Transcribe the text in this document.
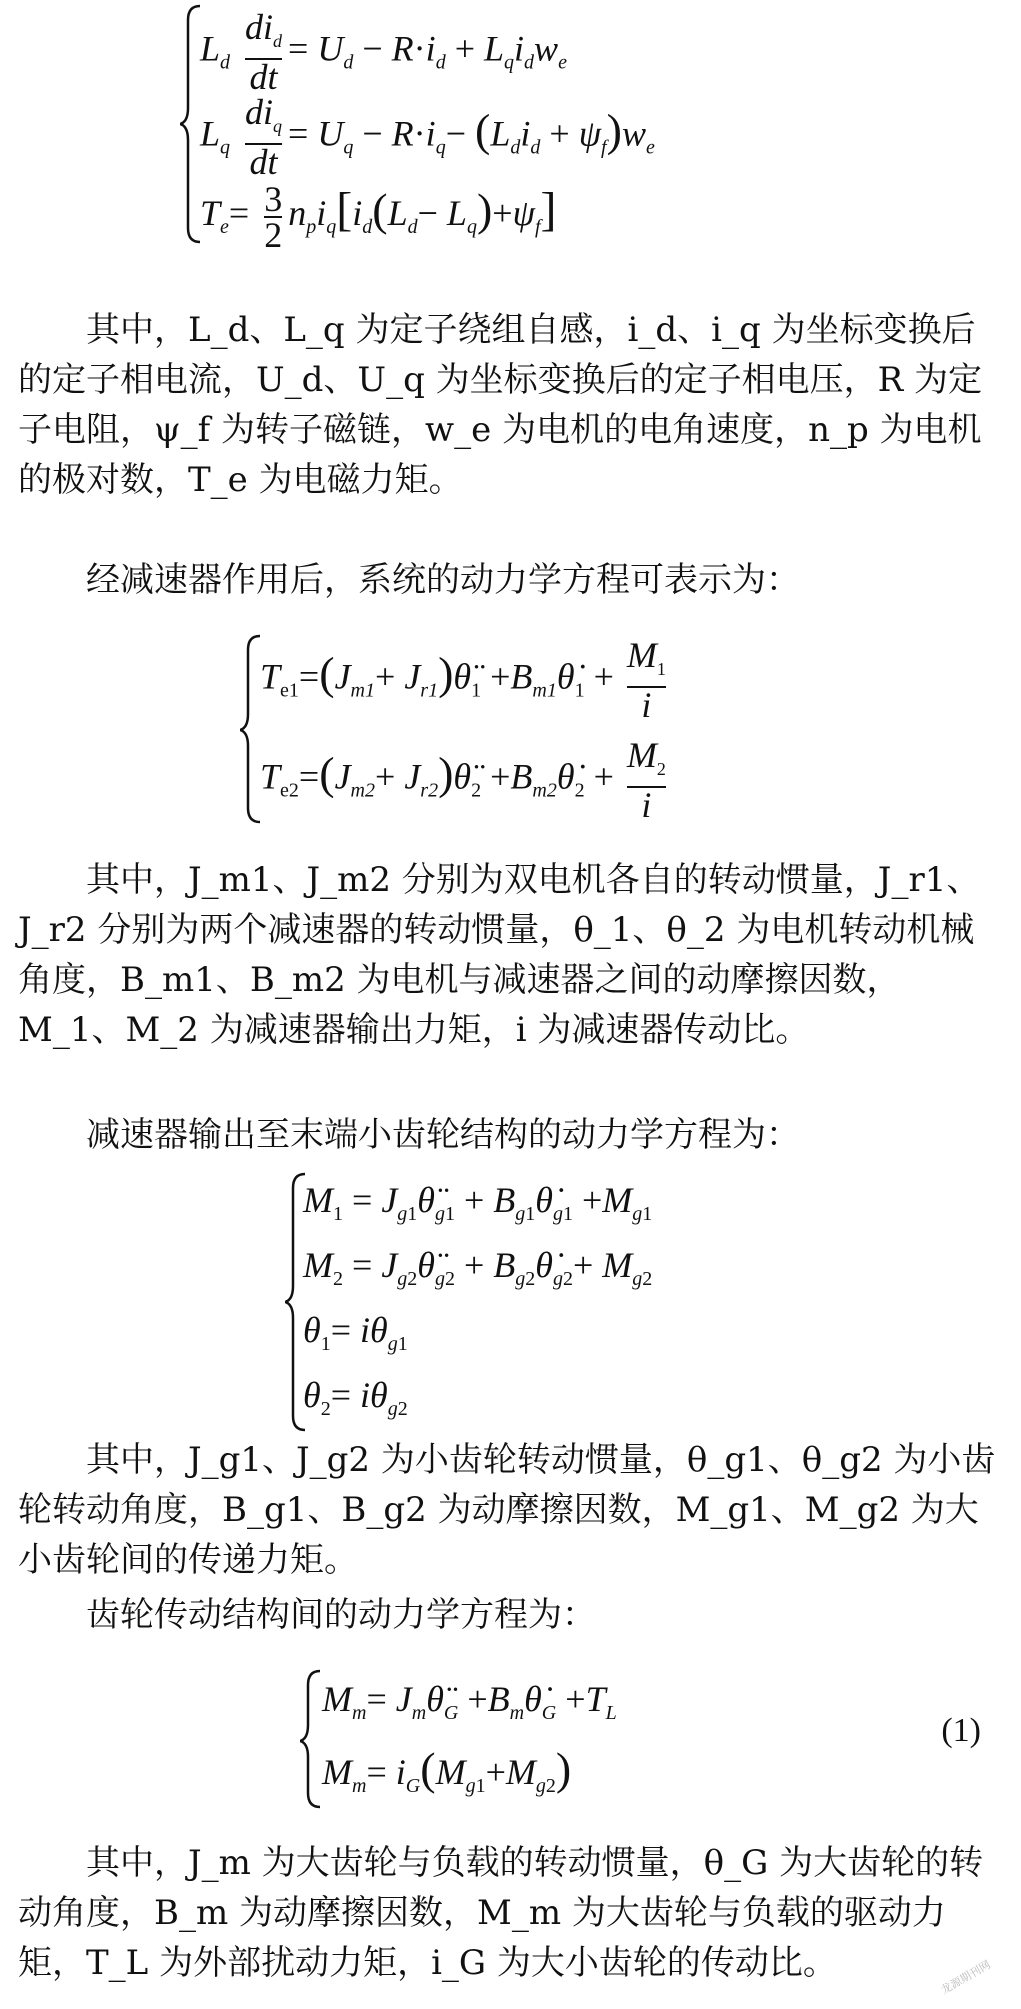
$L_d$
$di_d$
dt
= $U_d - R\cdot i_d + L_qi_dw_e$
$L_q$
$di_q$
dt
= $U_q - R\cdot i_q- (L_di_d + \psi_f)w_e$
$T_e= \frac{3}{2} n_pi_q[i_d(L_d- L_q)+\psi_f]$

其中，L_d、L_q 为定子绕组自感，i_d、i_q 为坐标变换后的定子相电流，U_d、U_q 为坐标变换后的定子相电压，R 为定子电阻，ψ_f 为转子磁链，w_e 为电机的电角速度，n_p 为电机的极对数，T_e 为电磁力矩。

经减速器作用后，系统的动力学方程可表示为：

$T_{e1}=(J_{m1}+$ $J_{r1})\thetä_1$ $+B_{m1}\thetȧ_1 + \frac{M_1}{i}$
$T_{e2}=(J_{m2}+$ $J_{r2})\thetä_2$ $+B_{m2}\thetȧ_2 + \frac{M_2}{i}$

其中，J_m1、J_m2 分别为双电机各自的转动惯量，J_r1、J_r2 分别为两个减速器的转动惯量，θ_1、θ_2 为电机转动机械角度，B_m1、B_m2 为电机与减速器之间的动摩擦因数，M_1、M_2 为减速器输出力矩，i 为减速器传动比。

减速器输出至末端小齿轮结构的动力学方程为：

$M_1$ = $J_{g1}\thetä_{g1}$ + $B_{g1}\thetȧ_{g1} +M_{g1}$
$M_2$ = $J_{g2}\thetä_{g2}$ + $B_{g2}\thetȧ_{g2}+ M_{g2}$
$\theta_1= i\theta_{g1}$
$\theta_2= i\theta_{g2}$

其中，J_g1、J_g2 为小齿轮转动惯量，θ_g1、θ_g2 为小齿轮转动角度，B_g1、B_g2 为动摩擦因数，M_g1、M_g2 为大小齿轮间的传递力矩。

齿轮传动结构间的动力学方程为：

$M_m=$ $J_m\thetä_G$ $+B_m\thetȧ_G +T_L$
$M_m= i_G(M_{g1}+M_{g2})$
(1)

其中，J_m 为大齿轮与负载的转动惯量，θ_G 为大齿轮的转动角度，B_m 为动摩擦因数，M_m 为大齿轮与负载的驱动力矩，T_L 为外部扰动力矩，i_G 为大小齿轮的传动比。	龙源期刊网
